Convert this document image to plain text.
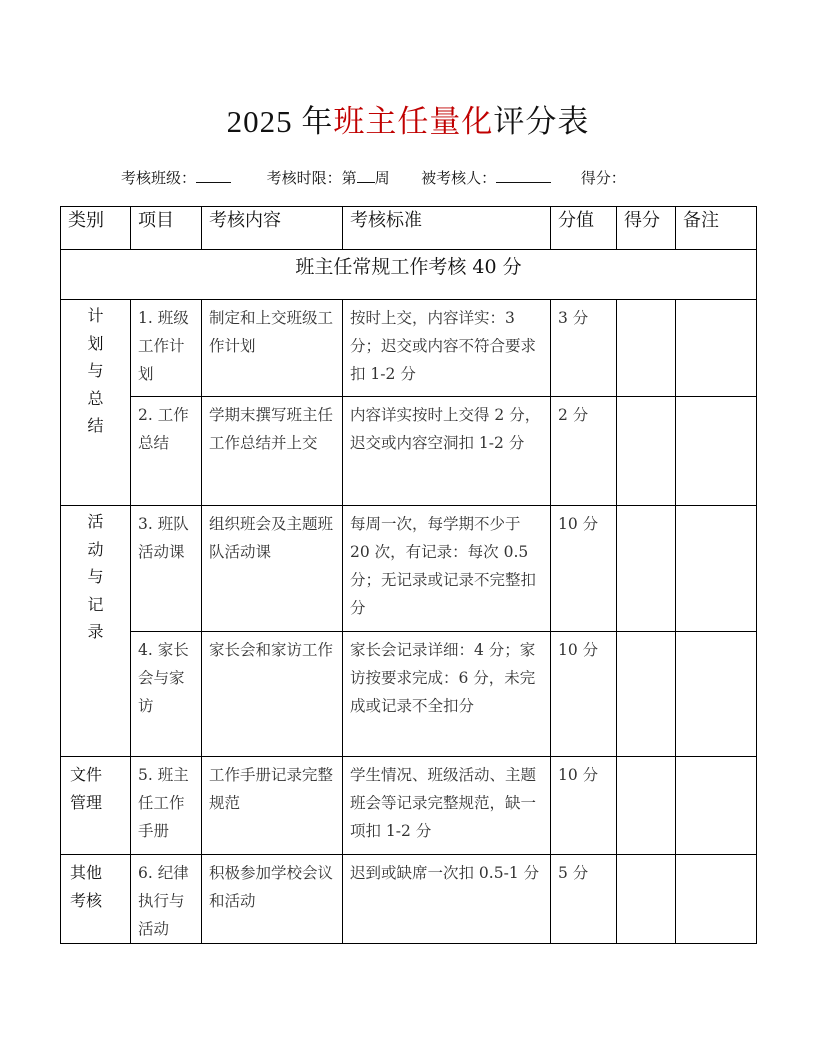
2025 年班主任量化评分表
考核班级：	考核时限：第 周 被考核人：	得分：
类别	项目	考核内容	考核标准	分值	得分	备注
班主任常规工作考核 40 分						

计
划
与
总
结	1. 班级工作计划	制定和上交班级工作计划	按时上交，内容详实：3 分；迟交或内容不符合要求扣 1-2 分	3 分		
	2. 工作总结	学期末撰写班主任工作总结并上交	内容详实按时上交得 2 分，迟交或内容空洞扣 1-2 分	2 分		

活
动
与
记
录	3. 班队活动课	组织班会及主题班队活动课	每周一次，每学期不少于 20 次，有记录：每次 0.5 分；无记录或记录不完整扣分	10 分		
	4. 家长会与家访	家长会和家访工作	家长会记录详细：4 分；家访按要求完成：6 分，未完成或记录不全扣分	10 分		

文件
管理	5. 班主任工作手册	工作手册记录完整规范	学生情况、班级活动、主题班会等记录完整规范，缺一项扣 1-2 分	10 分		

其他
考核	6. 纪律执行与活动	积极参加学校会议和活动	迟到或缺席一次扣 0.5-1 分	5 分		
